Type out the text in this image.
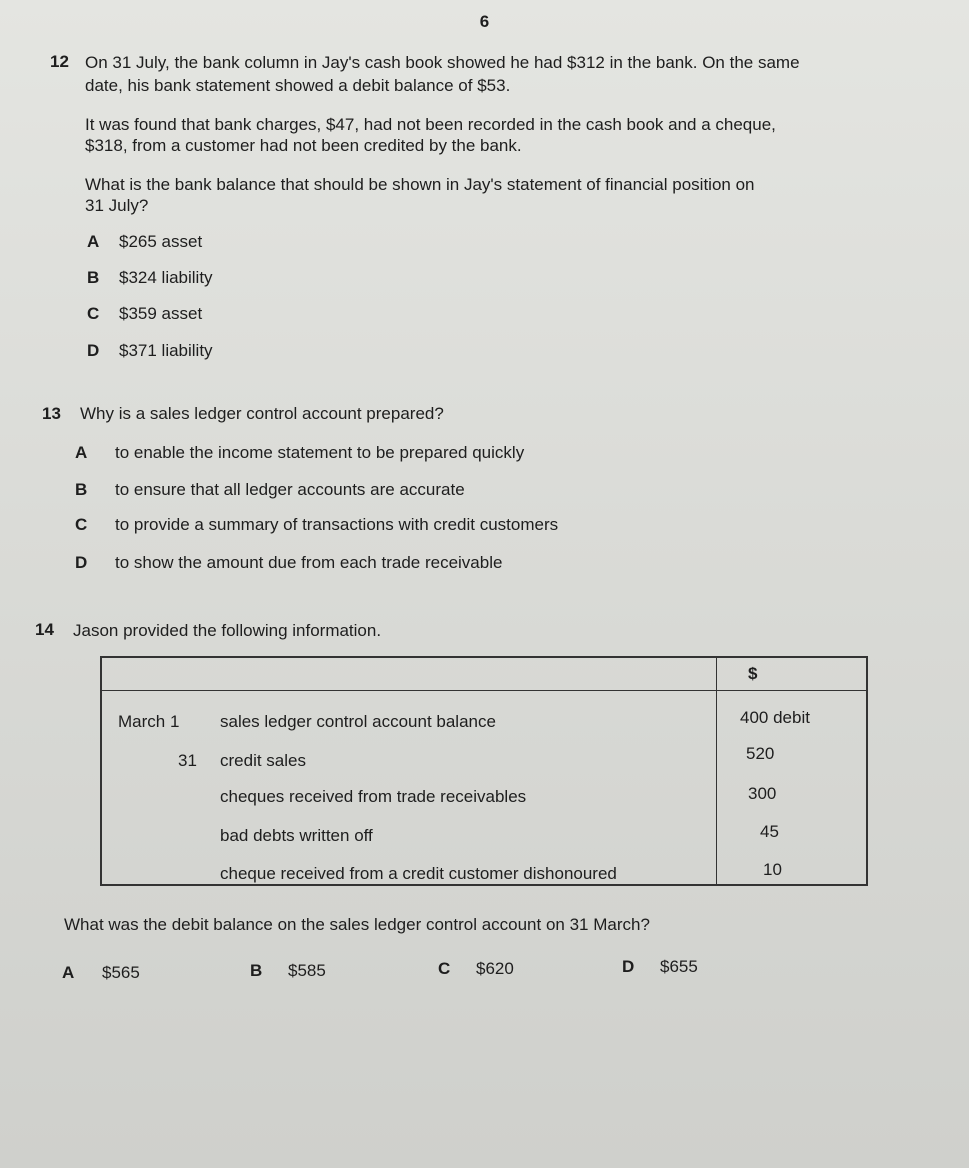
6
12 On 31 July, the bank column in Jay's cash book showed he had $312 in the bank. On the same
date, his bank statement showed a debit balance of $53.
It was found that bank charges, $47, had not been recorded in the cash book and a cheque,
$318, from a customer had not been credited by the bank.
What is the bank balance that should be shown in Jay's statement of financial position on
31 July?
A $265 asset
B $324 liability
C $359 asset
D $371 liability
13 Why is a sales ledger control account prepared?
A to enable the income statement to be prepared quickly
B to ensure that all ledger accounts are accurate
C to provide a summary of transactions with credit customers
D to show the amount due from each trade receivable
14 Jason provided the following information.
$
March 1 sales ledger control account balance	400 debit
31 credit sales	520
cheques received from trade receivables	300
bad debts written off	45
cheque received from a credit customer dishonoured	10
What was the debit balance on the sales ledger control account on 31 March?
A $565	B $585	C $620	D $655
